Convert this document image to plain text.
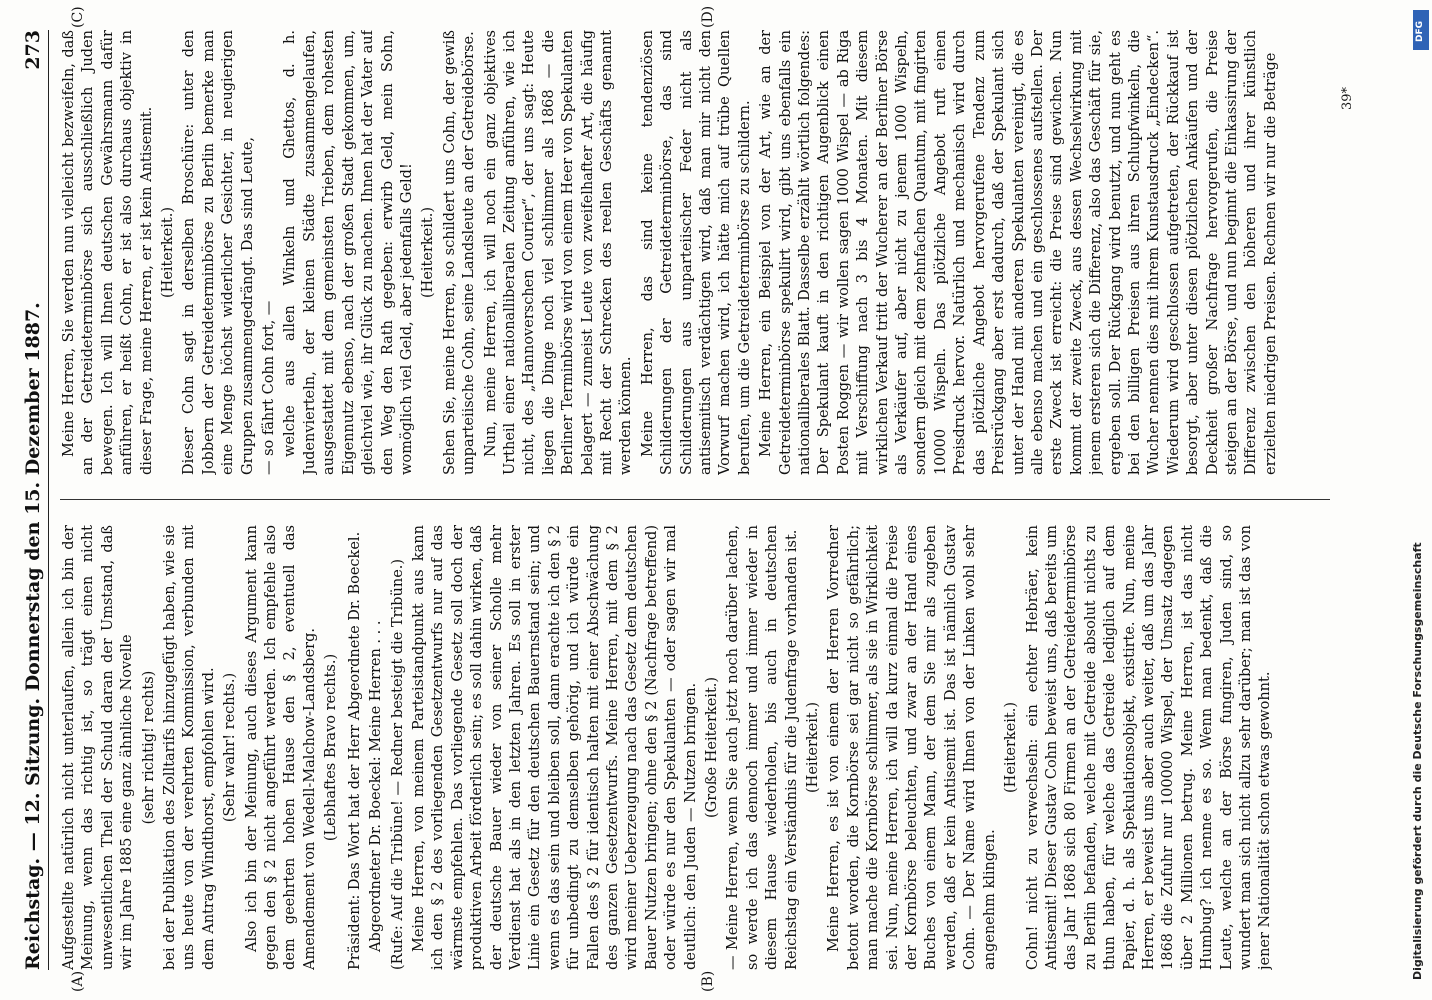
Reichstag. — 12. Sitzung. Donnerstag den 15. Dezember 1887.
273
(A)	(B)
(C)	(D)

Aufgestellte natürlich nicht unterlaufen, allein ich bin der Meinung, wenn das richtig ist, so trägt einen nicht unwesentlichen Theil der Schuld daran der Umstand, daß wir im Jahre 1885 eine ganz ähnliche Novelle (sehr richtig! rechts) bei der Publikation des Zolltarifs hinzugefügt haben, wie sie uns heute von der verehrten Kommission, verbunden mit dem Antrag Windthorst, empfohlen wird. (Sehr wahr! rechts.) Also ich bin der Meinung, auch dieses Argument kann gegen den § 2 nicht angeführt werden. Ich empfehle also dem geehrten hohen Hause den § 2, eventuell das Amendement von Wedell-Malchow-Landsberg. (Lebhaftes Bravo rechts.) Präsident: Das Wort hat der Herr Abgeordnete Dr. Boeckel. Abgeordneter Dr. Boeckel: Meine Herren . . . (Rufe: Auf die Tribüne! — Redner besteigt die Tribüne.) Meine Herren, von meinem Parteistandpunkt aus kann ich den § 2 des vorliegenden Gesetzentwurfs nur auf das wärmste empfehlen. Das vorliegende Gesetz soll doch der produktiven Arbeit förderlich sein; es soll dahin wirken, daß der deutsche Bauer wieder von seiner Scholle mehr Verdienst hat als in den letzten Jahren. Es soll in erster Linie ein Gesetz für den deutschen Bauernstand sein; und wenn es das sein und bleiben soll, dann erachte ich den § 2 für unbedingt zu demselben gehörig, und ich würde ein Fallen des § 2 für identisch halten mit einer Abschwächung des ganzen Gesetzentwurfs. Meine Herren, mit dem § 2 wird meiner Ueberzeugung nach das Gesetz dem deutschen Bauer Nutzen bringen; ohne den § 2 (Nachfrage betreffend) oder würde es nur den Spekulanten — oder sagen wir mal deutlich: den Juden — Nutzen bringen. (Große Heiterkeit.) — Meine Herren, wenn Sie auch jetzt noch darüber lachen, so werde ich das dennoch immer und immer wieder in diesem Hause wiederholen, bis auch in deutschen Reichstag ein Verständnis für die Judenfrage vorhanden ist. (Heiterkeit.) Meine Herren, es ist von einem der Herren Vorredner betont worden, die Kornbörse sei gar nicht so gefährlich; man mache die Kornbörse schlimmer, als sie in Wirklichkeit sei. Nun, meine Herren, ich will da kurz einmal die Preise der Kornbörse beleuchten, und zwar an der Hand eines Buches von einem Mann, der dem Sie mir als zugeben werden, daß er kein Antisemit ist. Das ist nämlich Gustav Cohn. — Der Name wird Ihnen von der Linken wohl sehr angenehm klingen.

(Heiterkeit.) Cohn! nicht zu verwechseln: ein echter Hebräer, kein Antisemit! Dieser Gustav Cohn beweist uns, daß bereits um das Jahr 1868 sich 80 Firmen an der Getreideterminbörse zu Berlin befanden, welche mit Getreide absolut nichts zu thun haben, für welche das Getreide lediglich auf dem Papier, d. h. als Spekulationsobjekt, existirte. Nun, meine Herren, er beweist uns aber auch weiter, daß um das Jahr 1868 die Zufuhr nur 100000 Wispel, der Umsatz dagegen über 2 Millionen betrug. Meine Herren, ist das nicht Humbug? ich nenne es so. Wenn man bedenkt, daß die Leute, welche an der Börse fungiren, Juden sind, so wundert man sich nicht allzu sehr darüber; man ist das von jener Nationalität schon etwas gewohnt.

Meine Herren, Sie werden nun vielleicht bezweifeln, daß an der Getreideterminbörse sich ausschließlich Juden bewegen. Ich will Ihnen deutschen Gewährsmann dafür anführen, er heißt Cohn, er ist also durchaus objektiv in dieser Frage, meine Herren, er ist kein Antisemit. (Heiterkeit.) Dieser Cohn sagt in derselben Broschüre: unter den Jobbern der Getreideterminbörse zu Berlin bemerke man eine Menge höchst widerlicher Gesichter, in neugierigen Gruppen zusammengedrängt. Das sind Leute, — so fährt Cohn fort, — welche aus allen Winkeln und Ghettos, d. h. Judenvierteln, der kleinen Städte zusammengelaufen, ausgestattet mit dem gemeinsten Trieben, dem rohesten Eigennutz ebenso, nach der großen Stadt gekommen, um, gleichviel wie, ihr Glück zu machen. Ihnen hat der Vater auf den Weg den Rath gegeben: erwirb Geld, mein Sohn, womöglich viel Geld, aber jedenfalls Geld! (Heiterkeit.) Sehen Sie, meine Herren, so schildert uns Cohn, der gewiß unparteiische Cohn, seine Landsleute an der Getreidebörse. Nun, meine Herren, ich will noch ein ganz objektives Urtheil einer nationalliberalen Zeitung anführen, wie ich nicht, des „Hannoverschen Courier“, der uns sagt: Heute liegen die Dinge noch viel schlimmer als 1868 — die Berliner Terminbörse wird von einem Heer von Spekulanten belagert — zumeist Leute von zweifelhafter Art, die häufig mit Recht der Schrecken des reellen Geschäfts genannt werden können. Meine Herren, das sind keine tendenziösen Schilderungen der Getreideterminbörse, das sind Schilderungen aus unparteiischer Feder nicht als antisemitisch verdächtigen wird, daß man mir nicht den Vorwurf machen wird, ich hätte mich auf trübe Quellen berufen, um die Getreideterminbörse zu schildern. Meine Herren, ein Beispiel von der Art, wie an der Getreideterminbörse spekulirt wird, gibt uns ebenfalls ein nationalliberales Blatt. Dasselbe erzählt wörtlich folgendes: Der Spekulant kauft in den richtigen Augenblick einen Posten Roggen — wir wollen sagen 1000 Wispel — ab Riga mit Verschiffung nach 3 bis 4 Monaten. Mit diesem wirklichen Verkauf tritt der Wucherer an der Berliner Börse als Verkäufer auf, aber nicht zu jenem 1000 Wispeln, sondern gleich mit dem zehnfachen Quantum, mit fingirten 10000 Wispeln. Das plötzliche Angebot ruft einen Preisdruck hervor. Natürlich und mechanisch wird durch das plötzliche Angebot hervorgerufene Tendenz zum Preisrückgang aber erst dadurch, daß der Spekulant sich unter der Hand mit anderen Spekulanten vereinigt, die es alle ebenso machen und ein geschlossenes aufstellen. Der erste Zweck ist erreicht: die Preise sind gewichen. Nun kommt der zweite Zweck, aus dessen Wechselwirkung mit jenem ersteren sich die Differenz, also das Geschäft für sie, ergeben soll. Der Rückgang wird benutzt, und nun geht es bei den billigen Preisen aus ihren Schlupfwinkeln, die Wucher nennen dies mit ihrem Kunstausdruck „Eindecken“. Wiederum wird geschlossen aufgetreten, der Rückkauf ist besorgt, aber unter diesen plötzlichen Ankäufen und der Deckheit großer Nachfrage hervorgerufen, die Preise steigen an der Börse, und nun beginnt die Einkassirung der Differenz zwischen den höheren und ihrer künstlich erzielten niedrigen Preisen. Rechnen wir nur die Beträge	39*
DFG
Digitalisierung gefördert durch die Deutsche Forschungsgemeinschaft
